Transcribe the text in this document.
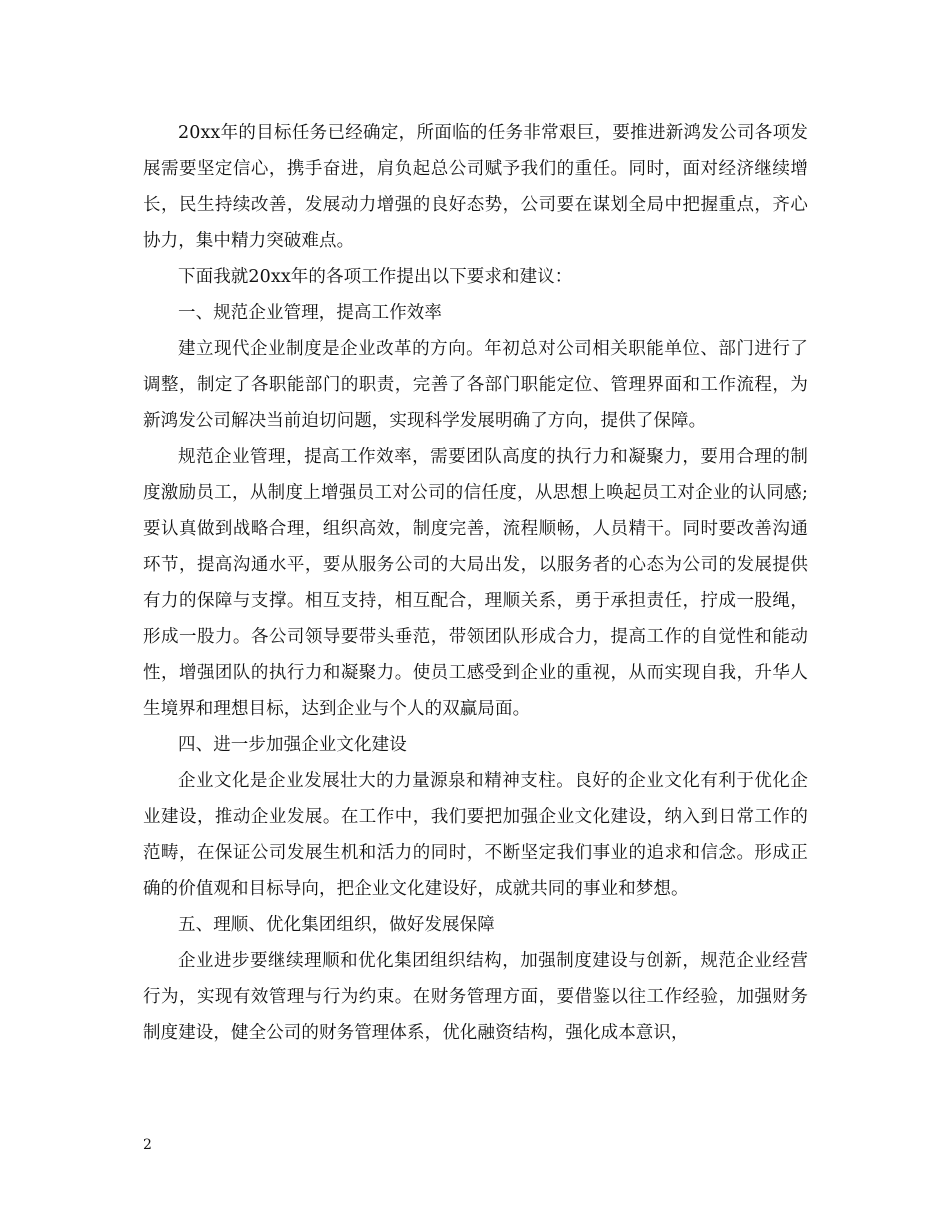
20xx年的目标任务已经确定，所面临的任务非常艰巨，要推进新鸿发公司各项发展需要坚定信心，携手奋进，肩负起总公司赋予我们的重任。同时，面对经济继续增长，民生持续改善，发展动力增强的良好态势，公司要在谋划全局中把握重点，齐心协力，集中精力突破难点。

下面我就20xx年的各项工作提出以下要求和建议：

一、规范企业管理，提高工作效率

建立现代企业制度是企业改革的方向。年初总对公司相关职能单位、部门进行了调整，制定了各职能部门的职责，完善了各部门职能定位、管理界面和工作流程，为新鸿发公司解决当前迫切问题，实现科学发展明确了方向，提供了保障。

规范企业管理，提高工作效率，需要团队高度的执行力和凝聚力，要用合理的制度激励员工，从制度上增强员工对公司的信任度，从思想上唤起员工对企业的认同感;要认真做到战略合理，组织高效，制度完善，流程顺畅，人员精干。同时要改善沟通环节，提高沟通水平，要从服务公司的大局出发，以服务者的心态为公司的发展提供有力的保障与支撑。相互支持，相互配合，理顺关系，勇于承担责任，拧成一股绳，形成一股力。各公司领导要带头垂范，带领团队形成合力，提高工作的自觉性和能动性，增强团队的执行力和凝聚力。使员工感受到企业的重视，从而实现自我，升华人生境界和理想目标，达到企业与个人的双赢局面。

四、进一步加强企业文化建设

企业文化是企业发展壮大的力量源泉和精神支柱。良好的企业文化有利于优化企业建设，推动企业发展。在工作中，我们要把加强企业文化建设，纳入到日常工作的范畴，在保证公司发展生机和活力的同时，不断坚定我们事业的追求和信念。形成正确的价值观和目标导向，把企业文化建设好，成就共同的事业和梦想。

五、理顺、优化集团组织，做好发展保障

企业进步要继续理顺和优化集团组织结构，加强制度建设与创新，规范企业经营行为，实现有效管理与行为约束。在财务管理方面，要借鉴以往工作经验，加强财务制度建设，健全公司的财务管理体系，优化融资结构，强化成本意识，

2
